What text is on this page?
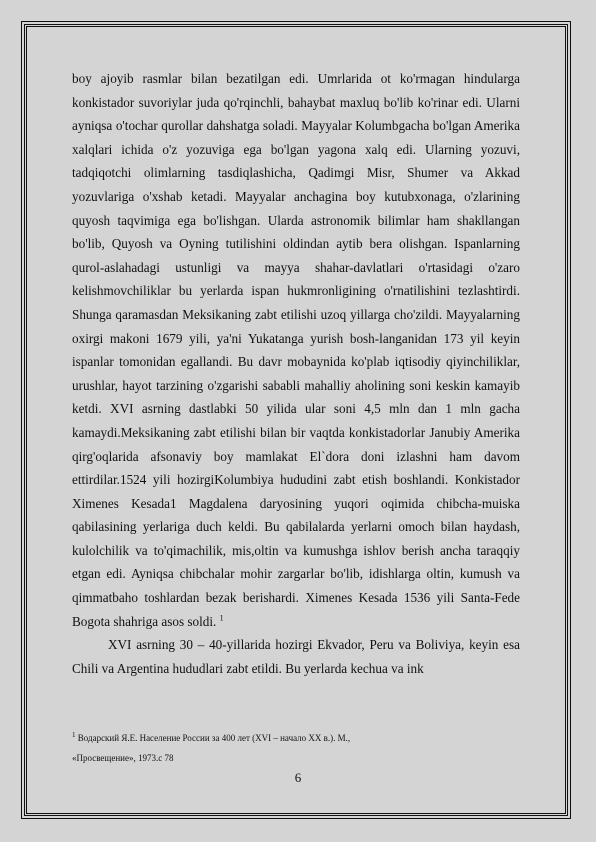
boy ajoyib rasmlar bilan bezatilgan edi. Umrlarida ot ko'rmagan hindularga konkistador suvoriylar juda qo'rqinchli, bahaybat maxluq bo'lib ko'rinar edi. Ularni ayniqsa o'tochar qurollar dahshatga soladi. Mayyalar Kolumbgacha bo'lgan Amerika xalqlari ichida o'z yozuviga ega bo'lgan yagona xalq edi. Ularning yozuvi, tadqiqotchi olimlarning tasdiqlashicha, Qadimgi Misr, Shumer va Akkad yozuvlariga o'xshab ketadi. Mayyalar anchagina boy kutubxonaga, o'zlarining quyosh taqvimiga ega bo'lishgan. Ularda astronomik bilimlar ham shakllangan bo'lib, Quyosh va Oyning tutilishini oldindan aytib bera olishgan. Ispanlarning qurol-aslahadagi ustunligi va mayya shahar-davlatlari o'rtasidagi o'zaro kelishmovchiliklar bu yerlarda ispan hukmronligining o'rnatilishini tezlashtirdi. Shunga qaramasdan Meksikaning zabt etilishi uzoq yillarga cho'zildi. Mayyalarning oxirgi makoni 1679 yili, ya'ni Yukatanga yurish bosh-langanidan 173 yil keyin ispanlar tomonidan egallandi. Bu davr mobaynida ko'plab iqtisodiy qiyinchiliklar, urushlar, hayot tarzining o'zgarishi sababli mahalliy aholining soni keskin kamayib ketdi. XVI asrning dastlabki 50 yilida ular soni 4,5 mln dan 1 mln gacha kamaydi.Meksikaning zabt etilishi bilan bir vaqtda konkistadorlar Janubiy Amerika qirg'oqlarida afsonaviy boy mamlakat El`dora doni izlashni ham davom ettirdilar.1524 yili hozirgiKolumbiya hududini zabt etish boshlandi. Konkistador Ximenes Kesada1 Magdalena daryosining yuqori oqimida chibcha-muiska qabilasining yerlariga duch keldi. Bu qabilalarda yerlarni omoch bilan haydash, kulolchilik va to'qimachilik, mis,oltin va kumushga ishlov berish ancha taraqqiy etgan edi. Ayniqsa chibchalar mohir zargarlar bo'lib, idishlarga oltin, kumush va qimmatbaho toshlardan bezak berishardi. Ximenes Kesada 1536 yili Santa-Fede Bogota shahriga asos soldi. $^1$

XVI asrning 30 – 40-yillarida hozirgi Ekvador, Peru va Boliviya, keyin esa Chili va Argentina hududlari zabt etildi. Bu yerlarda kechua va ink

$^1$ Водарский Я.Е. Население России за 400 лет (XVI – начало XX в.). М.,
«Просвещение», 1973.с 78
6
